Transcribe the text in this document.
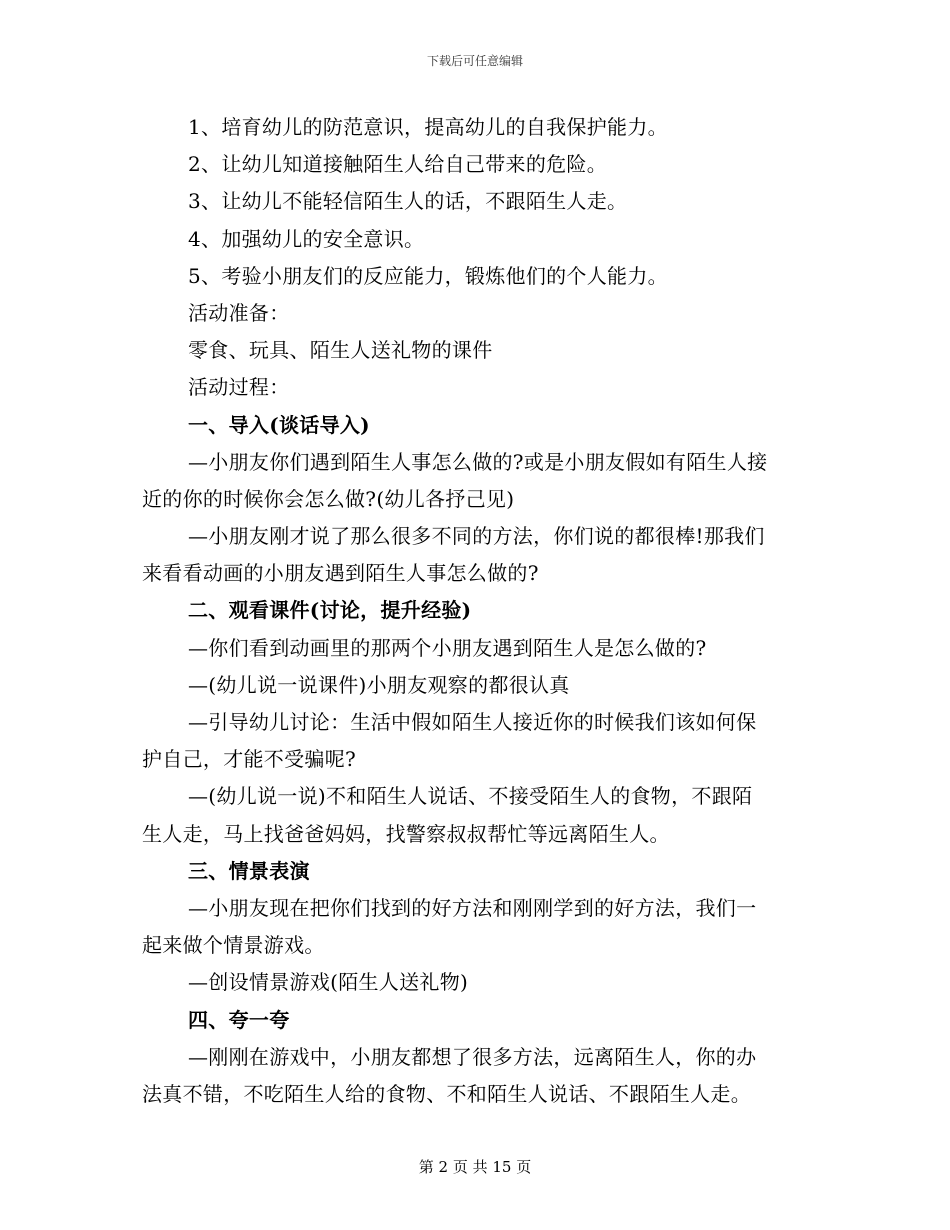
下载后可任意编辑
1、培育幼儿的防范意识，提高幼儿的自我保护能力。
2、让幼儿知道接触陌生人给自己带来的危险。
3、让幼儿不能轻信陌生人的话，不跟陌生人走。
4、加强幼儿的安全意识。
5、考验小朋友们的反应能力，锻炼他们的个人能力。
活动准备：
零食、玩具、陌生人送礼物的课件
活动过程：
一、导入(谈话导入)
—小朋友你们遇到陌生人事怎么做的?或是小朋友假如有陌生人接
近的你的时候你会怎么做?(幼儿各抒己见)
—小朋友刚才说了那么很多不同的方法，你们说的都很棒!那我们
来看看动画的小朋友遇到陌生人事怎么做的?
二、观看课件(讨论，提升经验)
—你们看到动画里的那两个小朋友遇到陌生人是怎么做的?
—(幼儿说一说课件)小朋友观察的都很认真
—引导幼儿讨论：生活中假如陌生人接近你的时候我们该如何保
护自己，才能不受骗呢?
—(幼儿说一说)不和陌生人说话、不接受陌生人的食物，不跟陌
生人走，马上找爸爸妈妈，找警察叔叔帮忙等远离陌生人。
三、情景表演
—小朋友现在把你们找到的好方法和刚刚学到的好方法，我们一
起来做个情景游戏。
—创设情景游戏(陌生人送礼物)
四、夸一夸
—刚刚在游戏中，小朋友都想了很多方法，远离陌生人，你的办
法真不错，不吃陌生人给的食物、不和陌生人说话、不跟陌生人走。
第 2 页 共 15 页
